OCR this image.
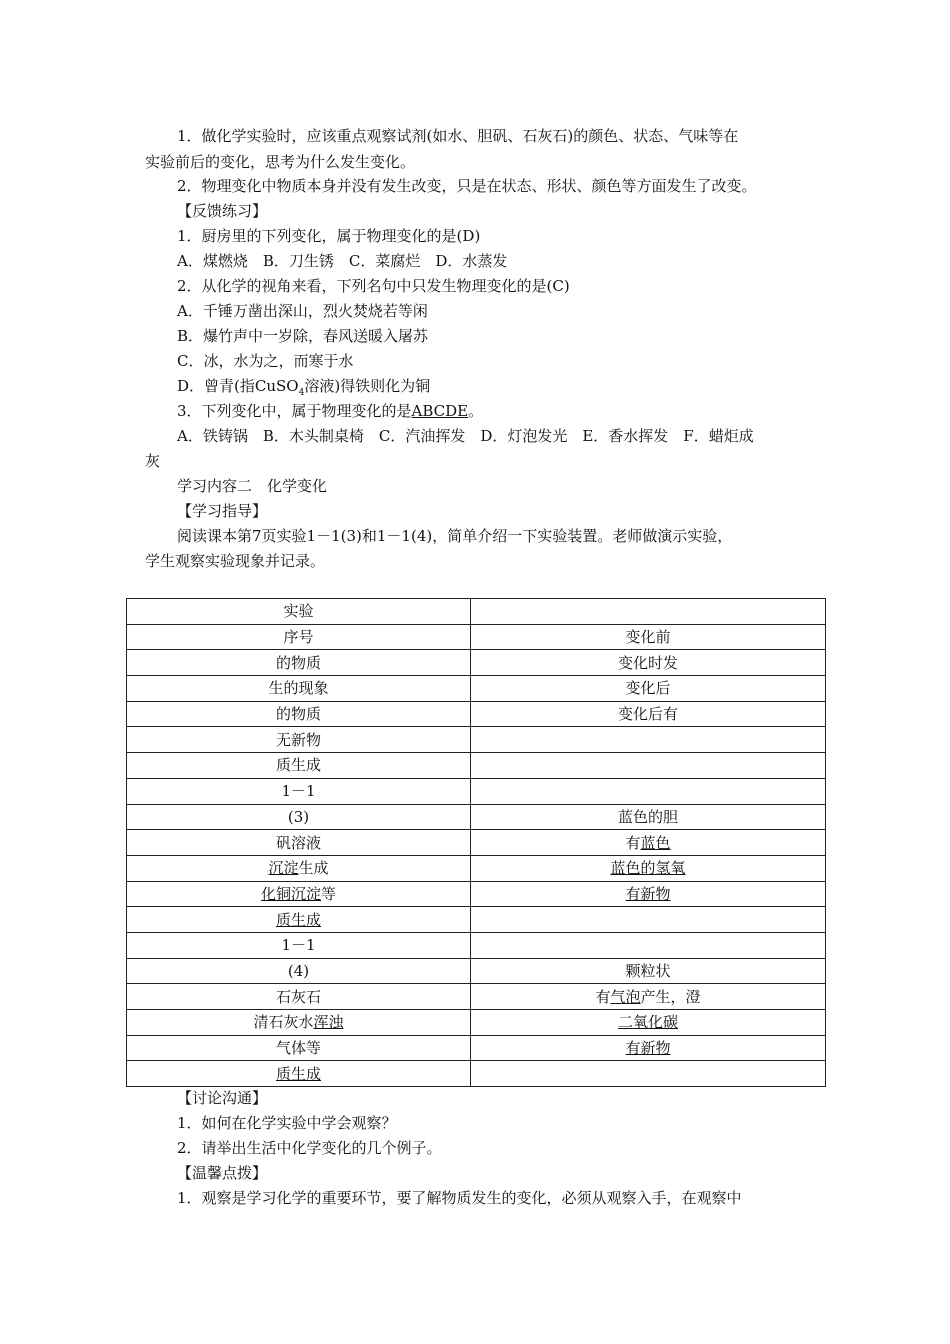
1．做化学实验时，应该重点观察试剂(如水、胆矾、石灰石)的颜色、状态、气味等在
实验前后的变化，思考为什么发生变化。
2．物理变化中物质本身并没有发生改变，只是在状态、形状、颜色等方面发生了改变。
【反馈练习】
1．厨房里的下列变化，属于物理变化的是(D)
A．煤燃烧　B．刀生锈　C．菜腐烂　D．水蒸发
2．从化学的视角来看，下列名句中只发生物理变化的是(C)
A．千锤万凿出深山，烈火焚烧若等闲
B．爆竹声中一岁除，春风送暖入屠苏
C．冰，水为之，而寒于水
D．曾青(指CuSO$_4$溶液)得铁则化为铜
3．下列变化中，属于物理变化的是ABCDE。
A．铁铸锅　B．木头制桌椅　C．汽油挥发　D．灯泡发光　E．香水挥发　F．蜡炬成
灰
学习内容二　化学变化
【学习指导】
阅读课本第7页实验1－1(3)和1－1(4)，简单介绍一下实验装置。老师做演示实验，
学生观察实验现象并记录。
实验	
序号	变化前
的物质	变化时发
生的现象	变化后
的物质	变化后有
无新物	
质生成	
1－1	
(3)	蓝色的胆
矾溶液	有蓝色
沉淀生成	蓝色的氢氧
化铜沉淀等	有新物
质生成	
1－1	
(4)	颗粒状
石灰石	有气泡产生，澄
清石灰水浑浊	二氧化碳
气体等	有新物
质生成	
【讨论沟通】
1．如何在化学实验中学会观察？
2．请举出生活中化学变化的几个例子。
【温馨点拨】
1．观察是学习化学的重要环节，要了解物质发生的变化，必须从观察入手，在观察中
